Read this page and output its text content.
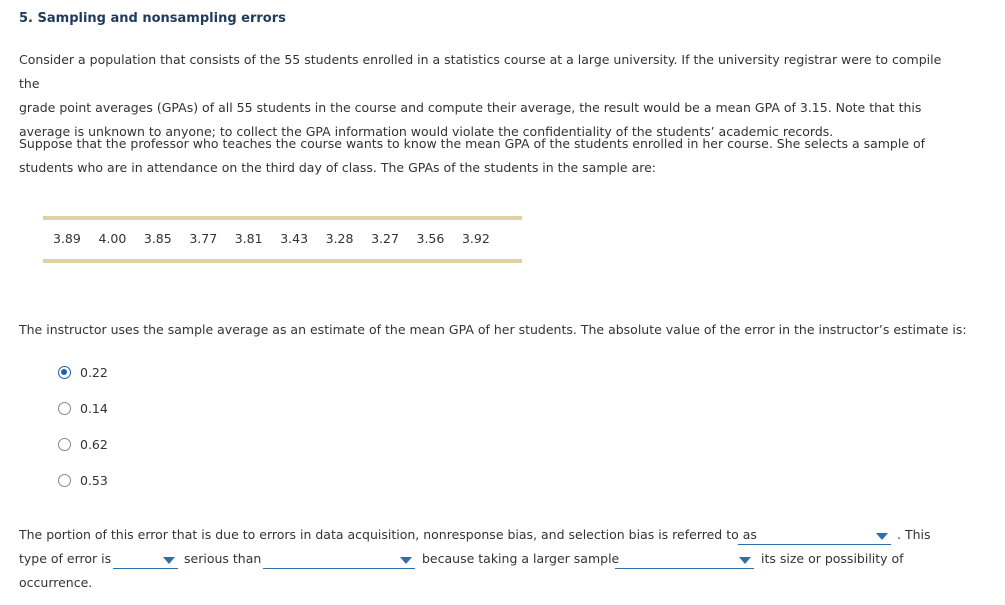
5. Sampling and nonsampling errors
Consider a population that consists of the 55 students enrolled in a statistics course at a large university. If the university registrar were to compile the
grade point averages (GPAs) of all 55 students in the course and compute their average, the result would be a mean GPA of 3.15. Note that this
average is unknown to anyone; to collect the GPA information would violate the confidentiality of the students’ academic records.
Suppose that the professor who teaches the course wants to know the mean GPA of the students enrolled in her course. She selects a sample of
students who are in attendance on the third day of class. The GPAs of the students in the sample are:
3.89 4.00 3.85 3.77 3.81 3.43 3.28 3.27 3.56 3.92
The instructor uses the sample average as an estimate of the mean GPA of her students. The absolute value of the error in the instructor’s estimate is:
0.22
0.14
0.62
0.53
The portion of this error that is due to errors in data acquisition, nonresponse bias, and selection bias is referred to as	. This
type of error is	serious than	because taking a larger sample	its size or possibility of
occurrence.
